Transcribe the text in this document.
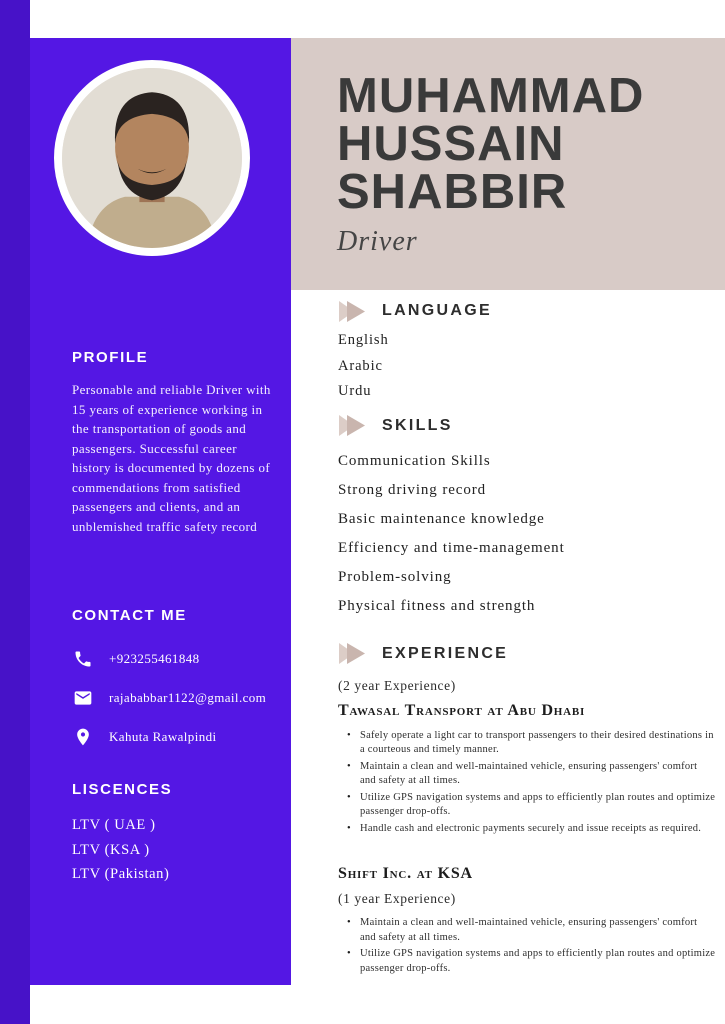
PROFILE

Personable and reliable Driver with 15 years of experience working in the transportation of goods and passengers. Successful career history is documented by dozens of commendations from satisfied passengers and clients, and an unblemished traffic safety record

CONTACT ME
+923255461848
rajababbar1122@gmail.com
Kahuta Rawalpindi
LISCENCES
LTV ( UAE )
LTV (KSA )
LTV (Pakistan)
MUHAMMAD
HUSSAIN
SHABBIR
Driver
LANGUAGE
English
Arabic
Urdu
SKILLS
Communication Skills
Strong driving record
Basic maintenance knowledge
Efficiency and time-management
Problem-solving
Physical fitness and strength
EXPERIENCE
(2 year Experience)
Tawasal Transport at Abu Dhabi
• Safely operate a light car to transport passengers to their desired destinations in a courteous and timely manner.
• Maintain a clean and well-maintained vehicle, ensuring passengers' comfort and safety at all times.
• Utilize GPS navigation systems and apps to efficiently plan routes and optimize passenger drop-offs.
• Handle cash and electronic payments securely and issue receipts as required.
Shift Inc. at KSA
(1 year Experience)
• Maintain a clean and well-maintained vehicle, ensuring passengers' comfort and safety at all times.
• Utilize GPS navigation systems and apps to efficiently plan routes and optimize passenger drop-offs.
